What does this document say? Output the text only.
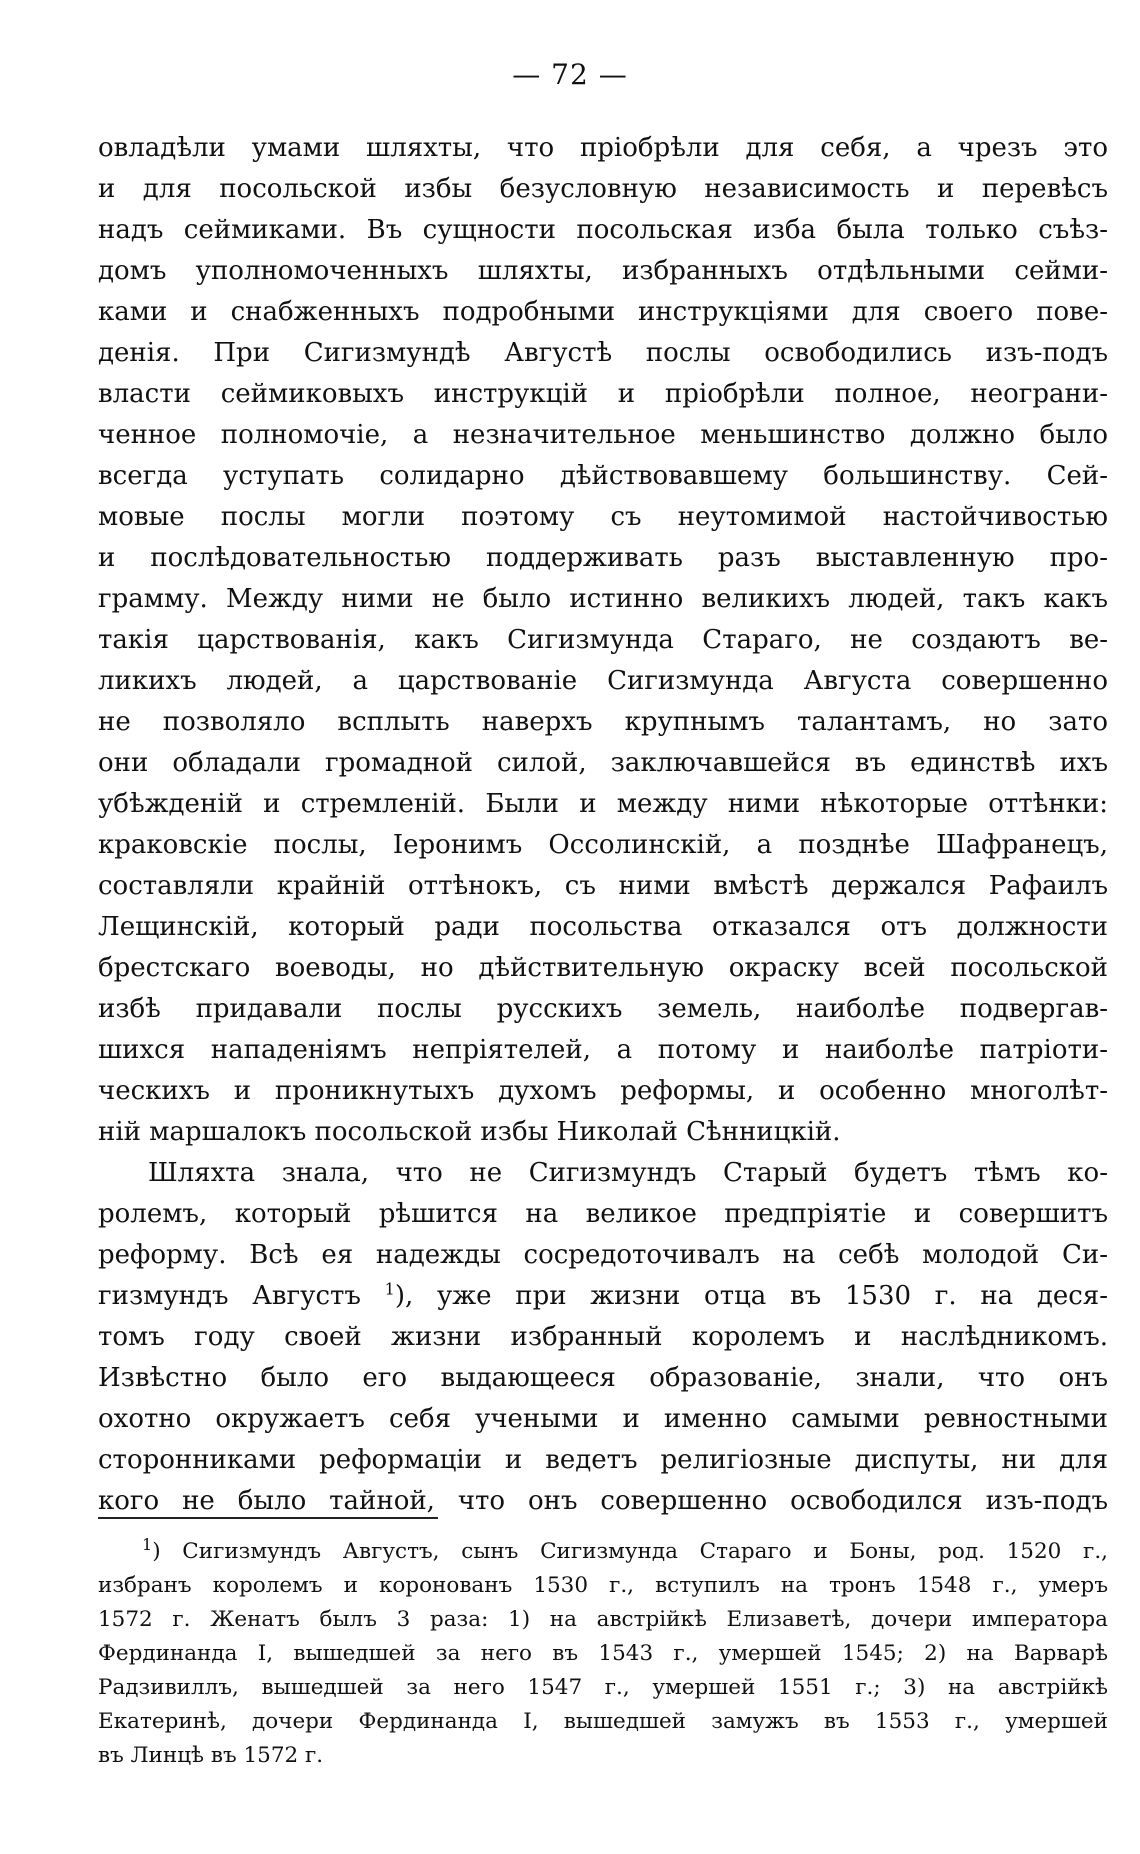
— 72 —
овладѣли умами шляхты, что пріобрѣли для себя, а чрезъ это
и для посольской избы безусловную независимость и перевѣсъ
надъ сеймиками. Въ сущности посольская изба была только съѣз-
домъ уполномоченныхъ шляхты, избранныхъ отдѣльными сейми-
ками и снабженныхъ подробными инструкціями для своего пове-
денія. При Сигизмундѣ Августѣ послы освободились изъ-подъ
власти сеймиковыхъ инструкцій и пріобрѣли полное, неограни-
ченное полномочіе, а незначительное меньшинство должно было
всегда уступать солидарно дѣйствовавшему большинству. Сей-
мовые послы могли поэтому съ неутомимой настойчивостью
и послѣдовательностью поддерживать разъ выставленную про-
грамму. Между ними не было истинно великихъ людей, такъ какъ
такія царствованія, какъ Сигизмунда Стараго, не создаютъ ве-
ликихъ людей, а царствованіе Сигизмунда Августа совершенно
не позволяло всплыть наверхъ крупнымъ талантамъ, но зато
они обладали громадной силой, заключавшейся въ единствѣ ихъ
убѣжденій и стремленій. Были и между ними нѣкоторые оттѣнки:
краковскіе послы, Іеронимъ Оссолинскій, а позднѣе Шафранецъ,
составляли крайній оттѣнокъ, съ ними вмѣстѣ держался Рафаилъ
Лещинскій, который ради посольства отказался отъ должности
брестскаго воеводы, но дѣйствительную окраску всей посольской
избѣ придавали послы русскихъ земель, наиболѣе подвергав-
шихся нападеніямъ непріятелей, а потому и наиболѣе патріоти-
ческихъ и проникнутыхъ духомъ реформы, и особенно многолѣт-
ній маршалокъ посольской избы Николай Сѣнницкій.
Шляхта знала, что не Сигизмундъ Старый будетъ тѣмъ ко-
ролемъ, который рѣшится на великое предпріятіе и совершитъ
реформу. Всѣ ея надежды сосредоточивалъ на себѣ молодой Си-
гизмундъ Августъ $^1$), уже при жизни отца въ 1530 г. на деся-
томъ году своей жизни избранный королемъ и наслѣдникомъ.
Извѣстно было его выдающееся образованіе, знали, что онъ
охотно окружаетъ себя учеными и именно самыми ревностными
сторонниками реформаціи и ведетъ религіозные диспуты, ни для
кого не было тайной, что онъ совершенно освободился изъ-подъ
$^1$) Сигизмундъ Августъ, сынъ Сигизмунда Стараго и Боны, род. 1520 г.,
избранъ королемъ и коронованъ 1530 г., вступилъ на тронъ 1548 г., умеръ
1572 г. Женатъ былъ 3 раза: 1) на австрійкѣ Елизаветѣ, дочери императора
Фердинанда I, вышедшей за него въ 1543 г., умершей 1545; 2) на Варварѣ
Радзивиллъ, вышедшей за него 1547 г., умершей 1551 г.; 3) на австрійкѣ
Екатеринѣ, дочери Фердинанда I, вышедшей замужъ въ 1553 г., умершей
въ Линцѣ въ 1572 г.
